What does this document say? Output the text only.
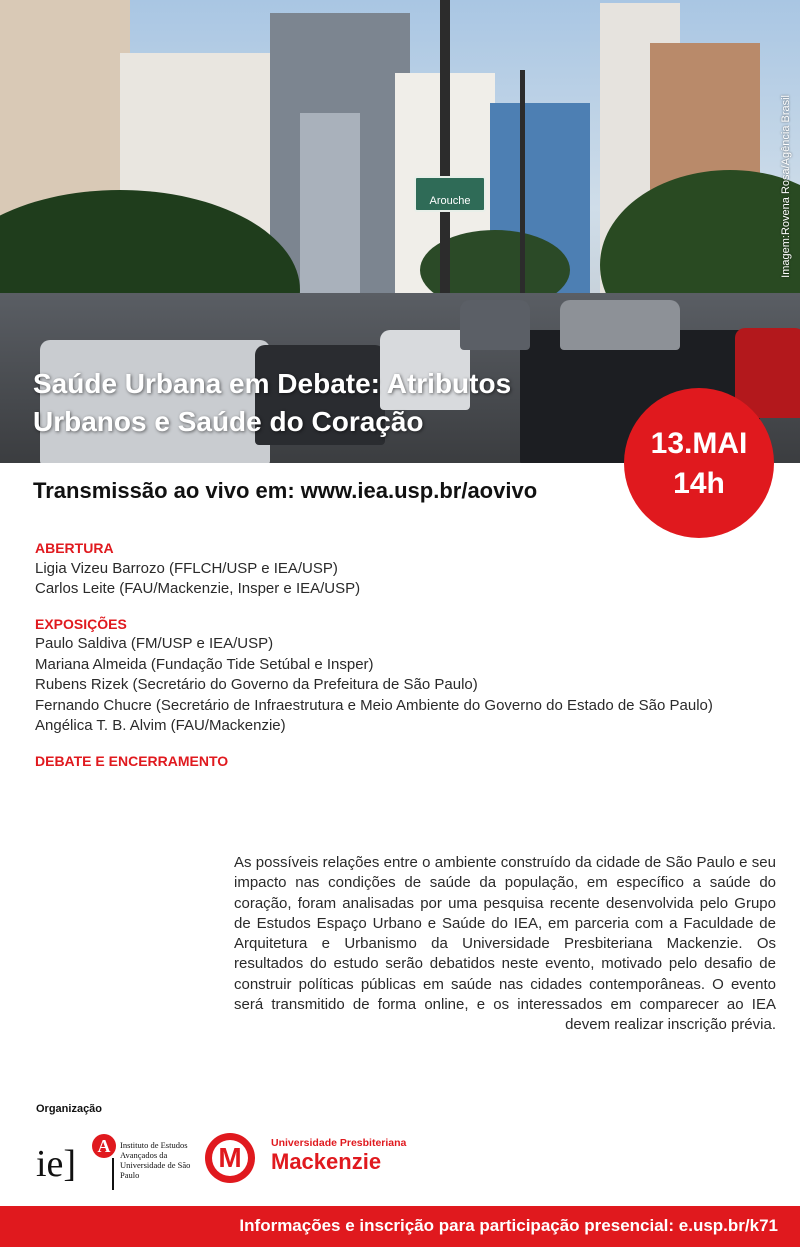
Arouche	Imagem:Rovena Rosa/Agência Brasil
Saúde Urbana em Debate: Atributos
Urbanos e Saúde do Coração
13.MAI
14h

Transmissão ao vivo em: www.iea.usp.br/aovivo

ABERTURA

Ligia Vizeu Barrozo (FFLCH/USP e IEA/USP)

Carlos Leite (FAU/Mackenzie, Insper e IEA/USP)

EXPOSIÇÕES

Paulo Saldiva (FM/USP e IEA/USP)

Mariana Almeida (Fundação Tide Setúbal e Insper)

Rubens Rizek (Secretário do Governo da Prefeitura de São Paulo)

Fernando Chucre (Secretário de Infraestrutura e Meio Ambiente do Governo do Estado de São Paulo)

Angélica T. B. Alvim (FAU/Mackenzie)

DEBATE E ENCERRAMENTO

As possíveis relações entre o ambiente construído da cidade de São Paulo e seu impacto nas condições de saúde da população, em específico a saúde do coração, foram analisadas por uma pesquisa recente desenvolvida pelo Grupo de Estudos Espaço Urbano e Saúde do IEA, em parceria com a Faculdade de Arquitetura e Urbanismo da Universidade Presbiteriana Mackenzie. Os resultados do estudo serão debatidos neste evento, motivado pelo desafio de construir políticas públicas em saúde nas cidades contemporâneas. O evento será transmitido de forma online, e os interessados em comparecer ao IEA devem realizar inscrição prévia.

Organização
ie]	A	Instituto de Estudos Avançados da Universidade de São Paulo
M	Universidade Presbiteriana
Mackenzie
Informações e inscrição para participação presencial: e.usp.br/k71
